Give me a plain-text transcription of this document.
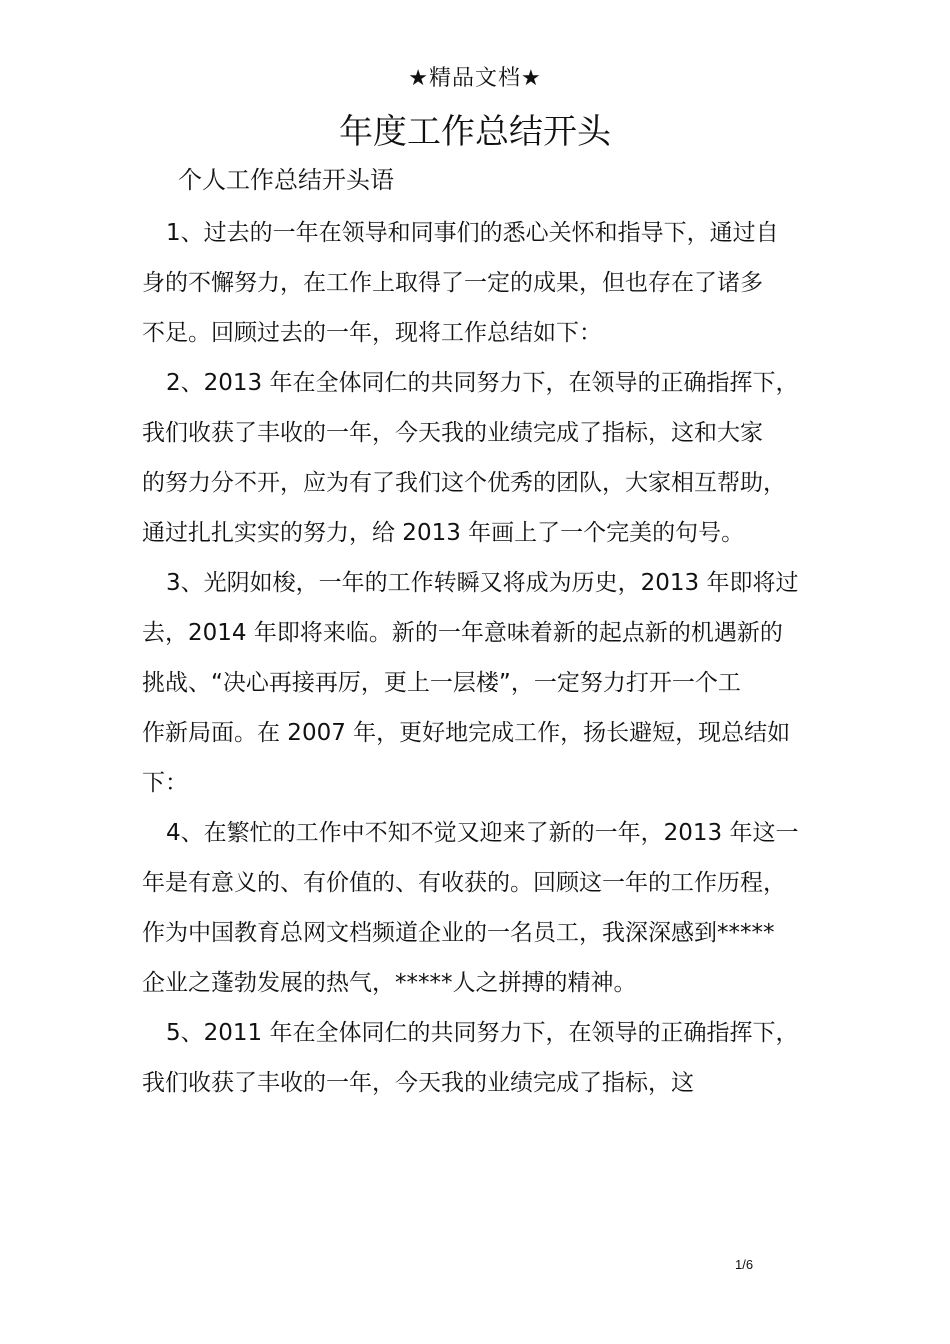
★精品文档★
年度工作总结开头
个人工作总结开头语

1、过去的一年在领导和同事们的悉心关怀和指导下，通过自
身的不懈努力，在工作上取得了一定的成果，但也存在了诸多
不足。回顾过去的一年，现将工作总结如下：

2、2013 年在全体同仁的共同努力下，在领导的正确指挥下，
我们收获了丰收的一年，今天我的业绩完成了指标，这和大家
的努力分不开，应为有了我们这个优秀的团队，大家相互帮助，
通过扎扎实实的努力，给 2013 年画上了一个完美的句号。

3、光阴如梭，一年的工作转瞬又将成为历史，2013 年即将过
去，2014 年即将来临。新的一年意味着新的起点新的机遇新的
挑战、“决心再接再厉，更上一层楼”，一定努力打开一个工
作新局面。在 2007 年，更好地完成工作，扬长避短，现总结如
下：

4、在繁忙的工作中不知不觉又迎来了新的一年，2013 年这一
年是有意义的、有价值的、有收获的。回顾这一年的工作历程，
作为中国教育总网文档频道企业的一名员工，我深深感到*****
企业之蓬勃发展的热气，*****人之拼搏的精神。

5、2011 年在全体同仁的共同努力下，在领导的正确指挥下，
我们收获了丰收的一年，今天我的业绩完成了指标，这

1/6
